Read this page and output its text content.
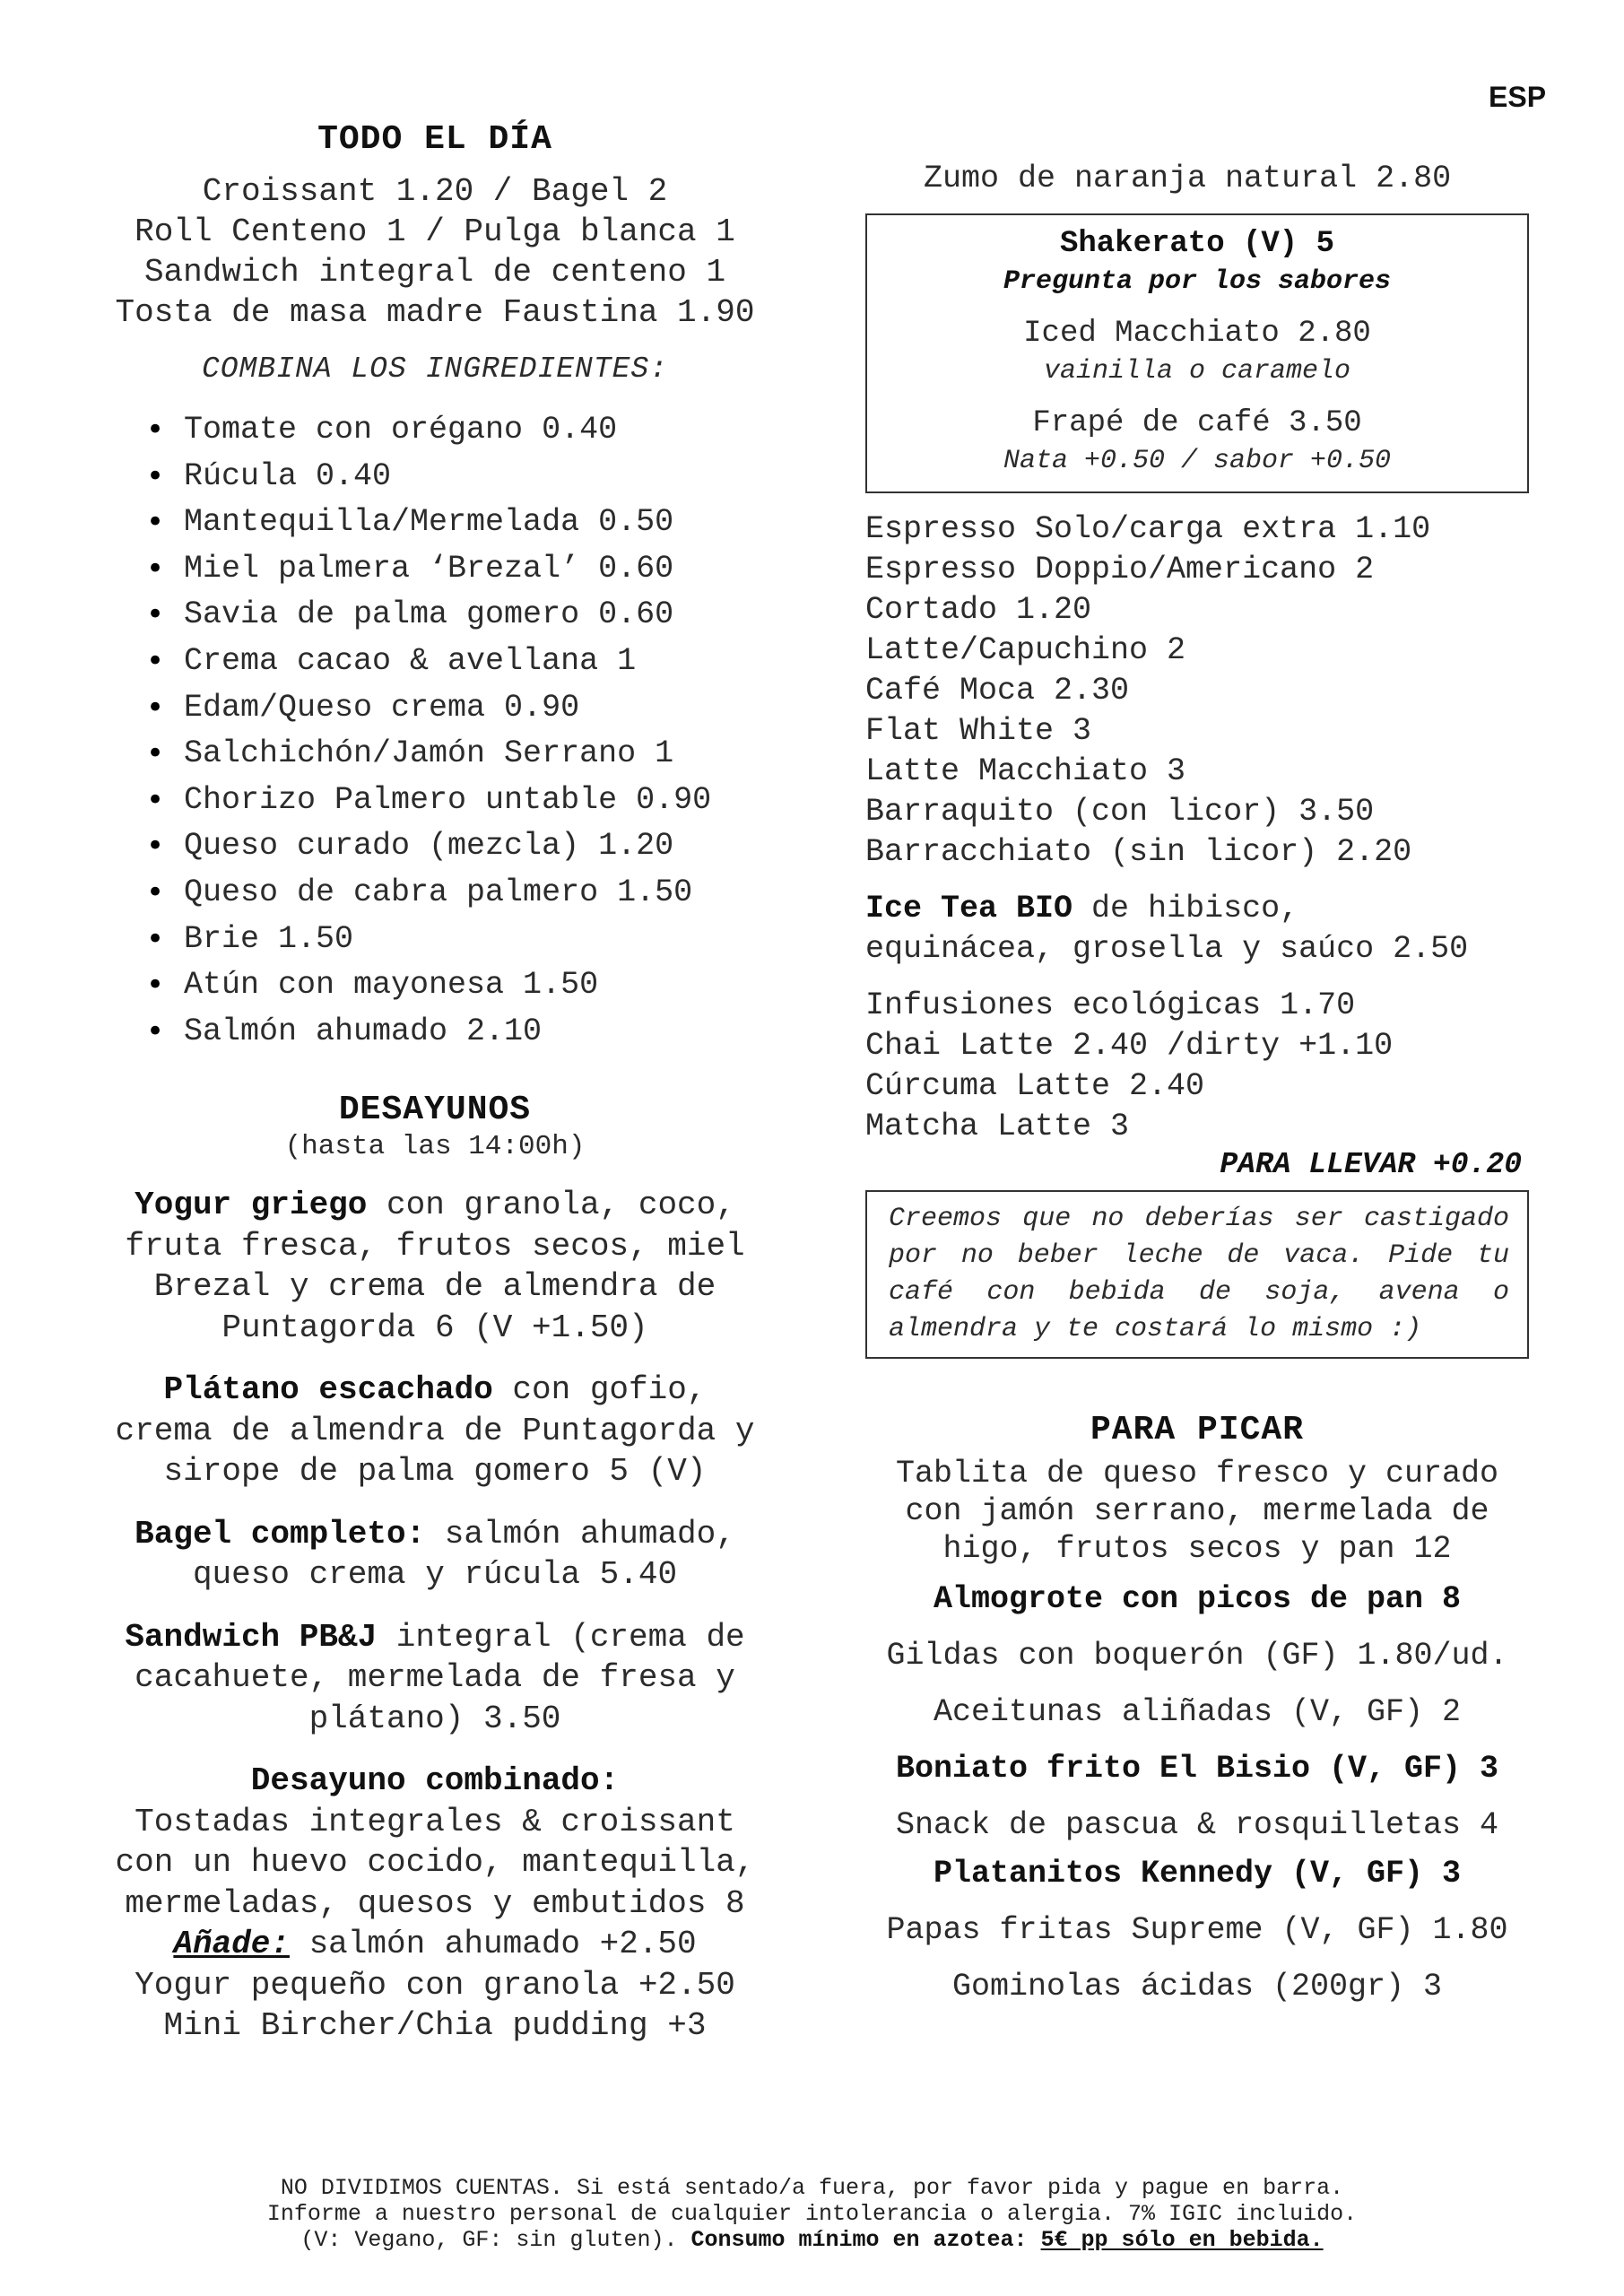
ESP
TODO EL DÍA
Croissant 1.20 / Bagel 2
Roll Centeno 1 / Pulga blanca 1
Sandwich integral de centeno 1
Tosta de masa madre Faustina 1.90
COMBINA LOS INGREDIENTES:
• Tomate con orégano 0.40
• Rúcula 0.40
• Mantequilla/Mermelada 0.50
• Miel palmera ‘Brezal’ 0.60
• Savia de palma gomero 0.60
• Crema cacao & avellana 1
• Edam/Queso crema 0.90
• Salchichón/Jamón Serrano 1
• Chorizo Palmero untable 0.90
• Queso curado (mezcla) 1.20
• Queso de cabra palmero 1.50
• Brie 1.50
• Atún con mayonesa 1.50
• Salmón ahumado 2.10
DESAYUNOS
(hasta las 14:00h)
Yogur griego con granola, coco,
fruta fresca, frutos secos, miel
Brezal y crema de almendra de
Puntagorda 6 (V +1.50)
Plátano escachado con gofio,
crema de almendra de Puntagorda y
sirope de palma gomero 5 (V)
Bagel completo: salmón ahumado,
queso crema y rúcula 5.40
Sandwich PB&J integral (crema de
cacahuete, mermelada de fresa y
plátano) 3.50
Desayuno combinado:
Tostadas integrales & croissant
con un huevo cocido, mantequilla,
mermeladas, quesos y embutidos 8
Añade: salmón ahumado +2.50
Yogur pequeño con granola +2.50
Mini Bircher/Chia pudding +3
Zumo de naranja natural 2.80
Shakerato (V) 5
Pregunta por los sabores
Iced Macchiato 2.80
vainilla o caramelo
Frapé de café 3.50
Nata +0.50 / sabor +0.50
Espresso Solo/carga extra 1.10
Espresso Doppio/Americano 2
Cortado 1.20
Latte/Capuchino 2
Café Moca 2.30
Flat White 3
Latte Macchiato 3
Barraquito (con licor) 3.50
Barracchiato (sin licor) 2.20
Ice Tea BIO de hibisco,
equinácea, grosella y saúco 2.50
Infusiones ecológicas 1.70
Chai Latte 2.40 /dirty +1.10
Cúrcuma Latte 2.40
Matcha Latte 3
PARA LLEVAR +0.20
Creemos que no deberías ser castigado por no beber leche de vaca. Pide tu café con bebida de soja, avena o almendra y te costará lo mismo :)
PARA PICAR
Tablita de queso fresco y curado
con jamón serrano, mermelada de
higo, frutos secos y pan 12
Almogrote con picos de pan 8
Gildas con boquerón (GF) 1.80/ud.
Aceitunas aliñadas (V, GF) 2
Boniato frito El Bisio (V, GF) 3
Snack de pascua & rosquilletas 4
Platanitos Kennedy (V, GF) 3
Papas fritas Supreme (V, GF) 1.80
Gominolas ácidas (200gr) 3
NO DIVIDIMOS CUENTAS. Si está sentado/a fuera, por favor pida y pague en barra.
Informe a nuestro personal de cualquier intolerancia o alergia. 7% IGIC incluido.
(V: Vegano, GF: sin gluten). Consumo mínimo en azotea: 5€ pp sólo en bebida.
